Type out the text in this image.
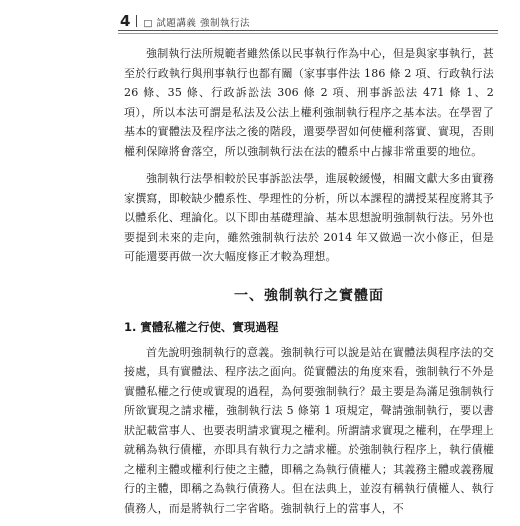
4 □ 試題講義 強制執行法

強制執行法所規範者雖然係以民事執行作為中心，但是與家事執行，甚至於行政執行與刑事執行也都有關（家事事件法 186 條 2 項、行政執行法 26 條、35 條、行政訴訟法 306 條 2 項、刑事訴訟法 471 條 1、2 項），所以本法可謂是私法及公法上權利強制執行程序之基本法。在學習了基本的實體法及程序法之後的階段，還要學習如何使權利落實、實現，否則權利保障將會落空，所以強制執行法在法的體系中占據非常重要的地位。

強制執行法學相較於民事訴訟法學，進展較緩慢，相關文獻大多由實務家撰寫，即較缺少體系性、學理性的分析，所以本課程的講授某程度將其予以體系化、理論化。以下即由基礎理論、基本思想說明強制執行法。另外也要提到未來的走向，雖然強制執行法於 2014 年又做過一次小修正，但是可能還要再做一次大幅度修正才較為理想。

一、強制執行之實體面
1. 實體私權之行使、實現過程

首先說明強制執行的意義。強制執行可以說是站在實體法與程序法的交接處，具有實體法、程序法之面向。從實體法的角度來看，強制執行不外是實體私權之行使或實現的過程，為何要強制執行？最主要是為滿足強制執行所欲實現之請求權，強制執行法 5 條第 1 項規定，聲請強制執行，要以書狀記載當事人、也要表明請求實現之權利。所謂請求實現之權利，在學理上就稱為執行債權，亦即具有執行力之請求權。於強制執行程序上，執行債權之權利主體或權利行使之主體，即稱之為執行債權人；其義務主體或義務履行的主體，即稱之為執行債務人。但在法典上，並沒有稱執行債權人、執行債務人，而是將執行二字省略。強制執行上的當事人，不
